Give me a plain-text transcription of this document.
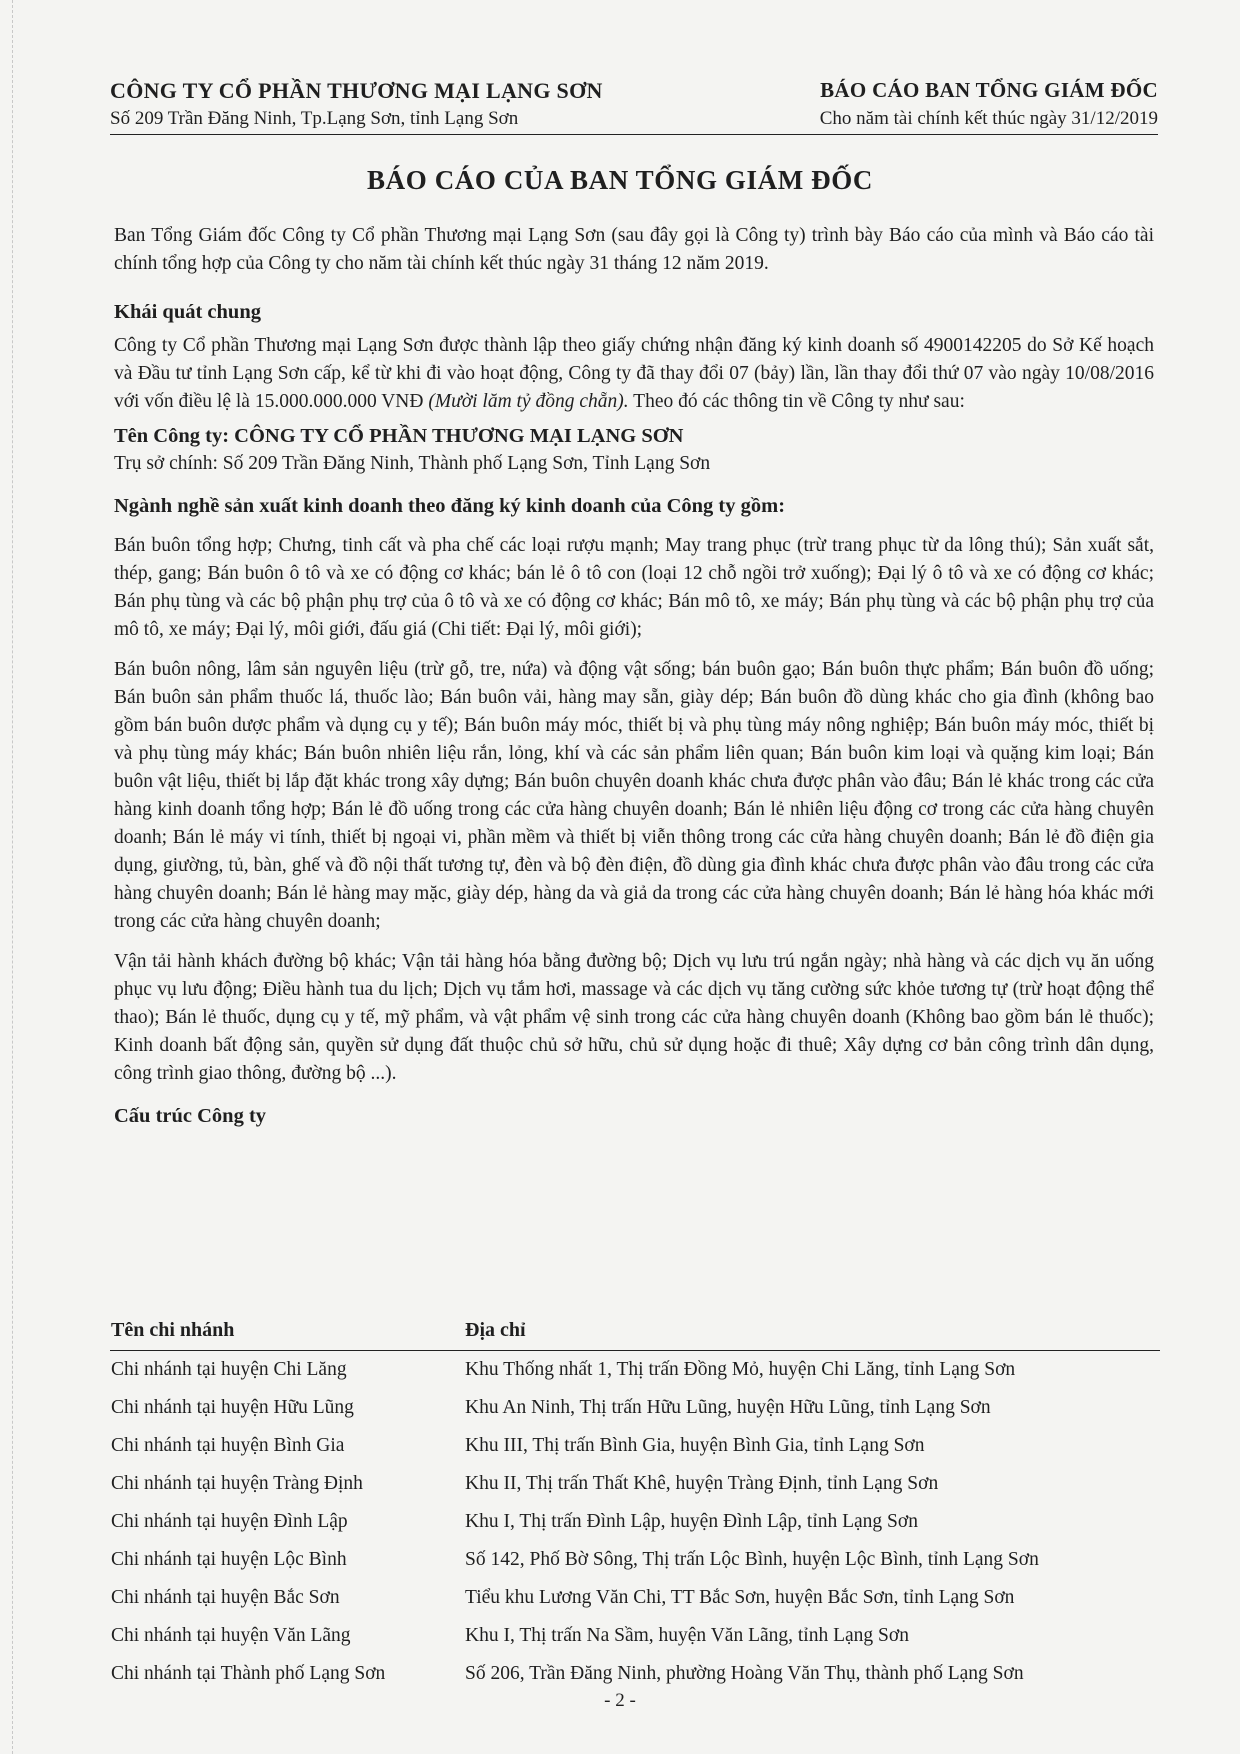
CÔNG TY CỔ PHẦN THƯƠNG MẠI LẠNG SƠN	BÁO CÁO BAN TỔNG GIÁM ĐỐC
Số 209 Trần Đăng Ninh, Tp.Lạng Sơn, tỉnh Lạng Sơn	Cho năm tài chính kết thúc ngày 31/12/2019
BÁO CÁO CỦA BAN TỔNG GIÁM ĐỐC

Ban Tổng Giám đốc Công ty Cổ phần Thương mại Lạng Sơn (sau đây gọi là Công ty) trình bày Báo cáo của mình và Báo cáo tài chính tổng hợp của Công ty cho năm tài chính kết thúc ngày 31 tháng 12 năm 2019.

Khái quát chung

Công ty Cổ phần Thương mại Lạng Sơn được thành lập theo giấy chứng nhận đăng ký kinh doanh số 4900142205 do Sở Kế hoạch và Đầu tư tỉnh Lạng Sơn cấp, kể từ khi đi vào hoạt động, Công ty đã thay đổi 07 (bảy) lần, lần thay đổi thứ 07 vào ngày 10/08/2016 với vốn điều lệ là 15.000.000.000 VNĐ (Mười lăm tỷ đồng chẵn). Theo đó các thông tin về Công ty như sau:

Tên Công ty: CÔNG TY CỔ PHẦN THƯƠNG MẠI LẠNG SƠN

Trụ sở chính: Số 209 Trần Đăng Ninh, Thành phố Lạng Sơn, Tỉnh Lạng Sơn

Ngành nghề sản xuất kinh doanh theo đăng ký kinh doanh của Công ty gồm:

Bán buôn tổng hợp; Chưng, tinh cất và pha chế các loại rượu mạnh; May trang phục (trừ trang phục từ da lông thú); Sản xuất sắt, thép, gang; Bán buôn ô tô và xe có động cơ khác; bán lẻ ô tô con (loại 12 chỗ ngồi trở xuống); Đại lý ô tô và xe có động cơ khác; Bán phụ tùng và các bộ phận phụ trợ của ô tô và xe có động cơ khác; Bán mô tô, xe máy; Bán phụ tùng và các bộ phận phụ trợ của mô tô, xe máy; Đại lý, môi giới, đấu giá (Chi tiết: Đại lý, môi giới);

Bán buôn nông, lâm sản nguyên liệu (trừ gỗ, tre, nứa) và động vật sống; bán buôn gạo; Bán buôn thực phẩm; Bán buôn đồ uống; Bán buôn sản phẩm thuốc lá, thuốc lào; Bán buôn vải, hàng may sẵn, giày dép; Bán buôn đồ dùng khác cho gia đình (không bao gồm bán buôn dược phẩm và dụng cụ y tế); Bán buôn máy móc, thiết bị và phụ tùng máy nông nghiệp; Bán buôn máy móc, thiết bị và phụ tùng máy khác; Bán buôn nhiên liệu rắn, lỏng, khí và các sản phẩm liên quan; Bán buôn kim loại và quặng kim loại; Bán buôn vật liệu, thiết bị lắp đặt khác trong xây dựng; Bán buôn chuyên doanh khác chưa được phân vào đâu; Bán lẻ khác trong các cửa hàng kinh doanh tổng hợp; Bán lẻ đồ uống trong các cửa hàng chuyên doanh; Bán lẻ nhiên liệu động cơ trong các cửa hàng chuyên doanh; Bán lẻ máy vi tính, thiết bị ngoại vi, phần mềm và thiết bị viễn thông trong các cửa hàng chuyên doanh; Bán lẻ đồ điện gia dụng, giường, tủ, bàn, ghế và đồ nội thất tương tự, đèn và bộ đèn điện, đồ dùng gia đình khác chưa được phân vào đâu trong các cửa hàng chuyên doanh; Bán lẻ hàng may mặc, giày dép, hàng da và giả da trong các cửa hàng chuyên doanh; Bán lẻ hàng hóa khác mới trong các cửa hàng chuyên doanh;

Vận tải hành khách đường bộ khác; Vận tải hàng hóa bằng đường bộ; Dịch vụ lưu trú ngắn ngày; nhà hàng và các dịch vụ ăn uống phục vụ lưu động; Điều hành tua du lịch; Dịch vụ tắm hơi, massage và các dịch vụ tăng cường sức khỏe tương tự (trừ hoạt động thể thao); Bán lẻ thuốc, dụng cụ y tế, mỹ phẩm, và vật phẩm vệ sinh trong các cửa hàng chuyên doanh (Không bao gồm bán lẻ thuốc); Kinh doanh bất động sản, quyền sử dụng đất thuộc chủ sở hữu, chủ sử dụng hoặc đi thuê; Xây dựng cơ bản công trình dân dụng, công trình giao thông, đường bộ ...).

Cấu trúc Công ty

Tên chi nhánh	Địa chỉ
Chi nhánh tại huyện Chi Lăng	Khu Thống nhất 1, Thị trấn Đồng Mỏ, huyện Chi Lăng, tỉnh Lạng Sơn
Chi nhánh tại huyện Hữu Lũng	Khu An Ninh, Thị trấn Hữu Lũng, huyện Hữu Lũng, tỉnh Lạng Sơn
Chi nhánh tại huyện Bình Gia	Khu III, Thị trấn Bình Gia, huyện Bình Gia, tỉnh Lạng Sơn
Chi nhánh tại huyện Tràng Định	Khu II, Thị trấn Thất Khê, huyện Tràng Định, tỉnh Lạng Sơn
Chi nhánh tại huyện Đình Lập	Khu I, Thị trấn Đình Lập, huyện Đình Lập, tỉnh Lạng Sơn
Chi nhánh tại huyện Lộc Bình	Số 142, Phố Bờ Sông, Thị trấn Lộc Bình, huyện Lộc Bình, tỉnh Lạng Sơn
Chi nhánh tại huyện Bắc Sơn	Tiểu khu Lương Văn Chi, TT Bắc Sơn, huyện Bắc Sơn, tỉnh Lạng Sơn
Chi nhánh tại huyện Văn Lãng	Khu I, Thị trấn Na Sầm, huyện Văn Lãng, tỉnh Lạng Sơn
Chi nhánh tại Thành phố Lạng Sơn	Số 206, Trần Đăng Ninh, phường Hoàng Văn Thụ, thành phố Lạng Sơn
- 2 -
